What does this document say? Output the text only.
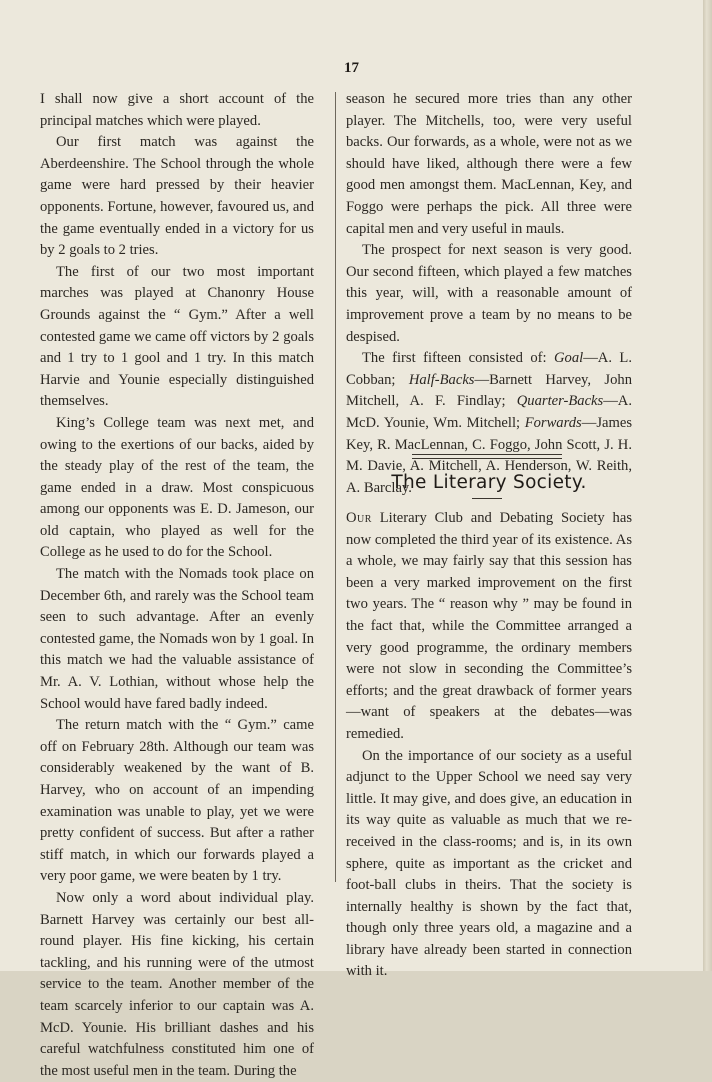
17

I shall now give a short account of the principal matches which were played.

Our first match was against the Aberdeenshire. The School through the whole game were hard pressed by their heavier opponents. Fortune, however, favoured us, and the game eventually ended in a victory for us by 2 goals to 2 tries.

The first of our two most important marches was played at Chanonry House Grounds against the “ Gym.” After a well contested game we came off victors by 2 goals and 1 try to 1 gool and 1 try. In this match Harvie and Younie especially distinguished themselves.

King’s College team was next met, and owing to the exertions of our backs, aided by the steady play of the rest of the team, the game ended in a draw. Most conspicuous among our opponents was E. D. Jameson, our old captain, who played as well for the College as he used to do for the School.

The match with the Nomads took place on December 6th, and rarely was the School team seen to such advantage. After an evenly contested game, the Nomads won by 1 goal. In this match we had the valuable assistance of Mr. A. V. Lothian, without whose help the School would have fared badly indeed.

The return match with the “ Gym.” came off on February 28th. Although our team was considerably weakened by the want of B. Harvey, who on account of an impending examination was unable to play, yet we were pretty confident of success. But after a rather stiff match, in which our forwards played a very poor game, we were beaten by 1 try.

Now only a word about individual play. Barnett Harvey was certainly our best all-round player. His fine kicking, his certain tackling, and his running were of the utmost service to the team. Another member of the team scarcely inferior to our captain was A. McD. Younie. His brilliant dashes and his careful watchfulness constituted him one of the most useful men in the team. During the

season he secured more tries than any other player. The Mitchells, too, were very useful backs. Our forwards, as a whole, were not as we should have liked, although there were a few good men amongst them. MacLennan, Key, and Foggo were perhaps the pick. All three were capital men and very useful in mauls.

The prospect for next season is very good. Our second fifteen, which played a few matches this year, will, with a reasonable amount of improvement prove a team by no means to be despised.

The first fifteen consisted of: Goal—A. L. Cobban; Half-Backs—Barnett Harvey, John Mitchell, A. F. Findlay; Quarter-Backs—A. McD. Younie, Wm. Mitchell; Forwards—James Key, R. MacLennan, C. Foggo, John Scott, J. H. M. Davie, A. Mitchell, A. Henderson, W. Reith, A. Barclay.

The Literary Society.

Our Literary Club and Debating Society has now completed the third year of its existence. As a whole, we may fairly say that this session has been a very marked improvement on the first two years. The “ reason why ” may be found in the fact that, while the Committee arranged a very good programme, the ordinary members were not slow in seconding the Committee’s efforts; and the great drawback of former years—want of speakers at the debates—was remedied.

On the importance of our society as a useful adjunct to the Upper School we need say very little. It may give, and does give, an education in its way quite as valuable as much that we re-received in the class-rooms; and is, in its own sphere, quite as important as the cricket and foot-ball clubs in theirs. That the society is internally healthy is shown by the fact that, though only three years old, a magazine and a library have already been started in connection with it.
